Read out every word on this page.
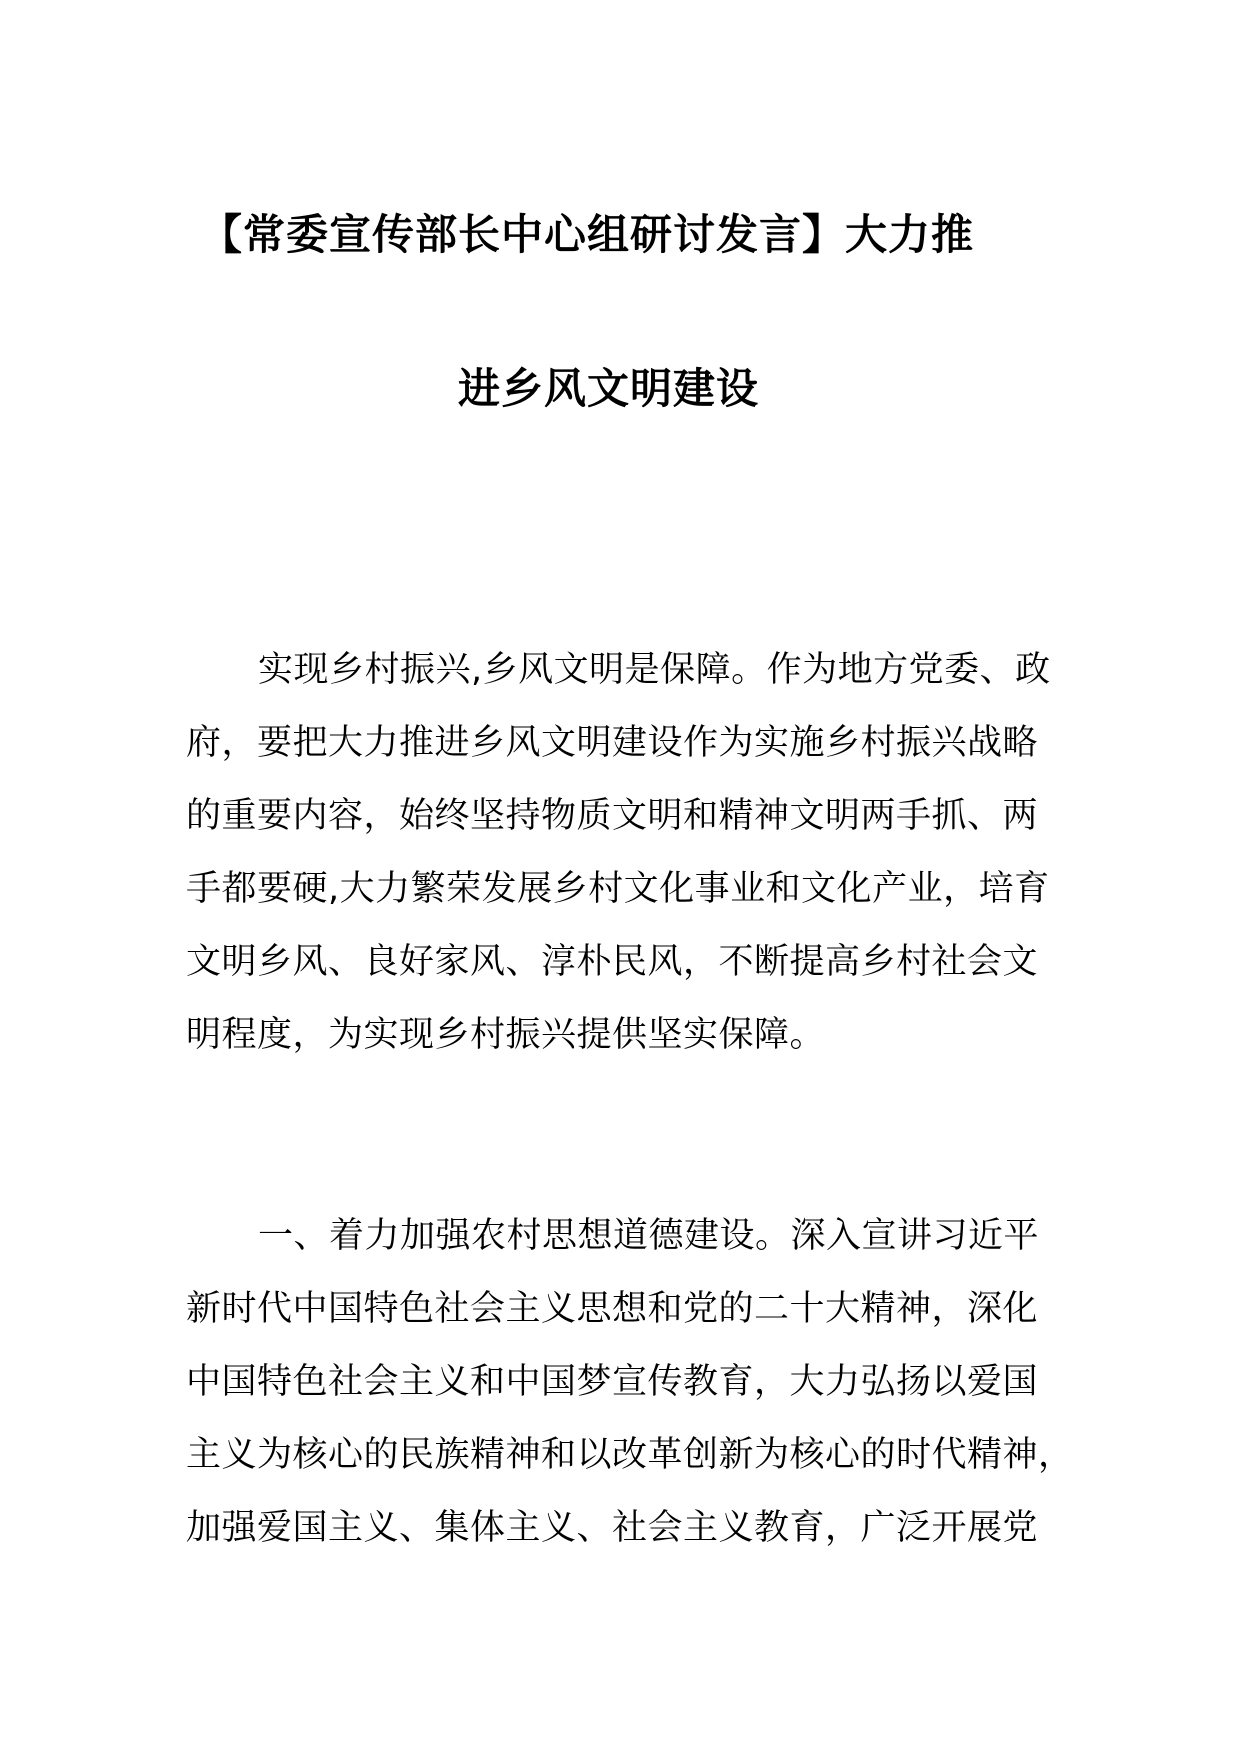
【常委宣传部长中心组研讨发言】大力推
进乡风文明建设
实现乡村振兴,乡风文明是保障。作为地方党委、政
府，要把大力推进乡风文明建设作为实施乡村振兴战略
的重要内容，始终坚持物质文明和精神文明两手抓、两
手都要硬,大力繁荣发展乡村文化事业和文化产业，培育
文明乡风、良好家风、淳朴民风，不断提高乡村社会文
明程度，为实现乡村振兴提供坚实保障。
一、着力加强农村思想道德建设。深入宣讲习近平
新时代中国特色社会主义思想和党的二十大精神，深化
中国特色社会主义和中国梦宣传教育，大力弘扬以爱国
主义为核心的民族精神和以改革创新为核心的时代精神，
加强爱国主义、集体主义、社会主义教育，广泛开展党
